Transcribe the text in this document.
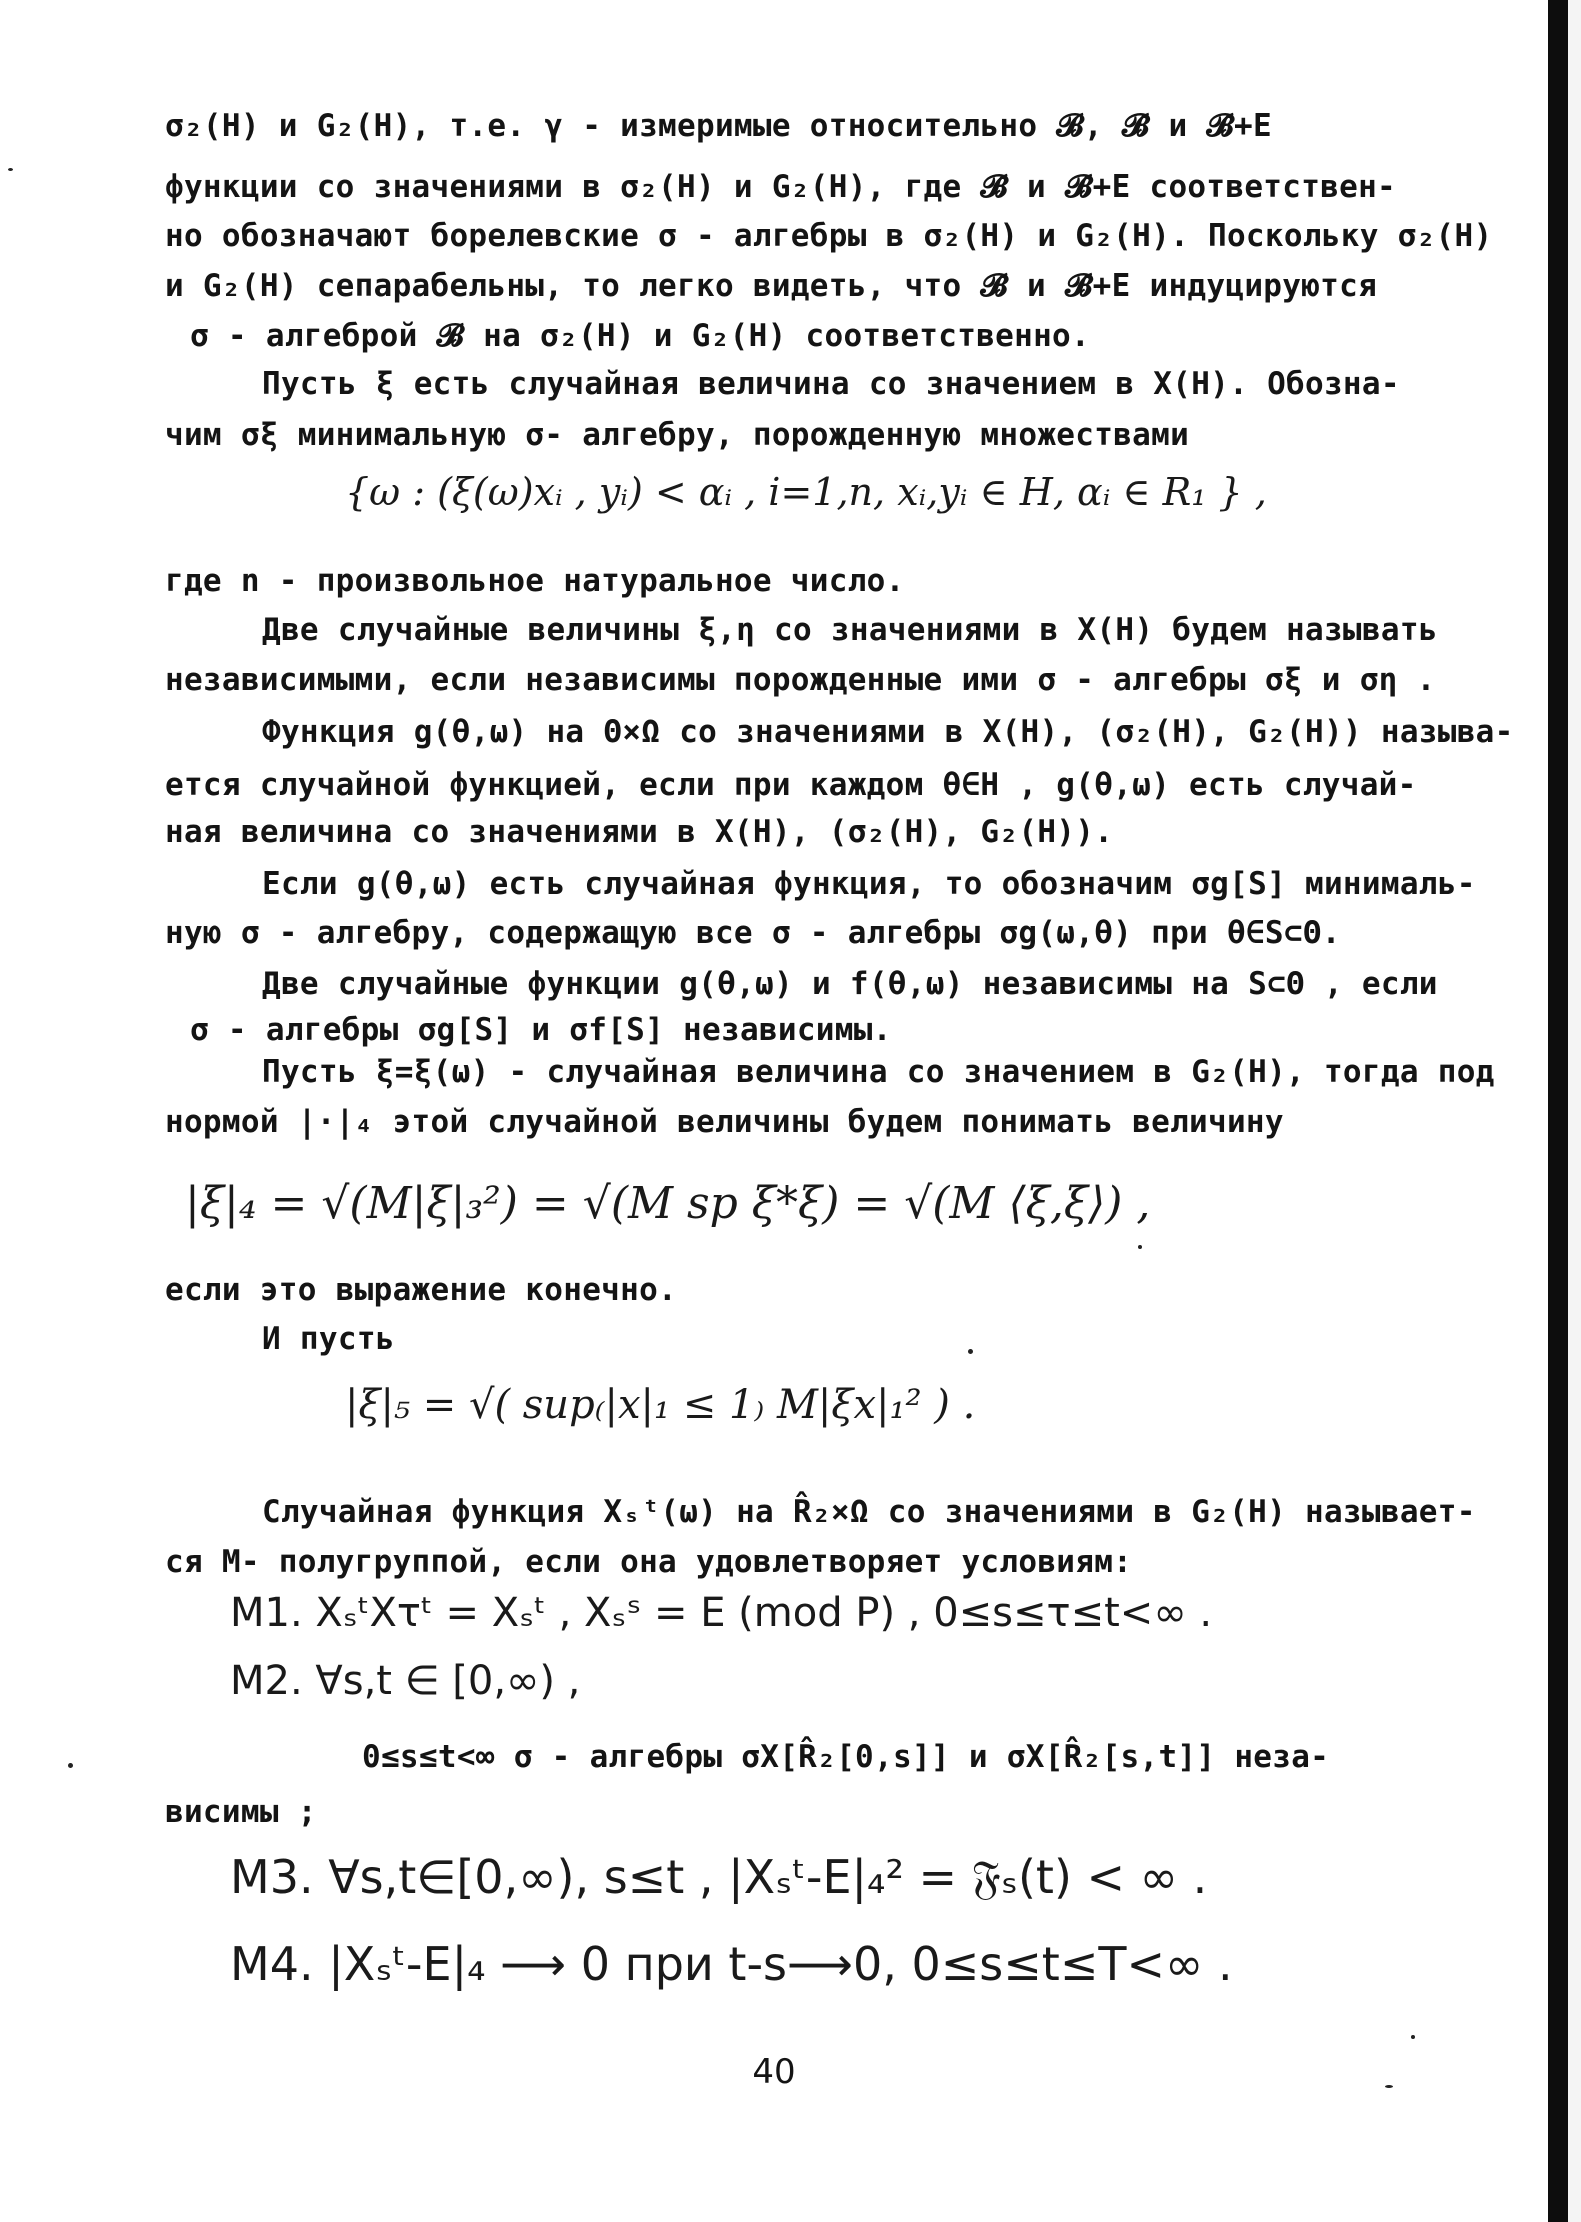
σ₂(H) и G₂(H), т.е. γ - измеримые относительно 𝓑, 𝓑̂ и 𝓑̂+E
функции со значениями в σ₂(H) и G₂(H), где 𝓑̂ и 𝓑̂+E соответствен-
но обозначают борелевские σ - алгебры в σ₂(H) и G₂(H). Поскольку σ₂(H)
и G₂(H) сепарабельны, то легко видеть, что 𝓑̂ и 𝓑̂+E индуцируются
σ - алгеброй 𝓑 на σ₂(H) и G₂(H) соответственно.
Пусть ξ есть случайная величина со значением в X(H). Обозна-
чим σξ минимальную σ- алгебру, порожденную множествами
{ω : (ξ(ω)xᵢ , yᵢ) < αᵢ , i=1,n, xᵢ,yᵢ ∈ H, αᵢ ∈ R₁ } ,
где n - произвольное натуральное число.
Две случайные величины ξ,η со значениями в X(H) будем называть
независимыми, если независимы порожденные ими σ - алгебры σξ и ση .
Функция g(θ,ω) на Θ×Ω со значениями в X(H), (σ₂(H), G₂(H)) называ-
ется случайной функцией, если при каждом θ∈H , g(θ,ω) есть случай-
ная величина со значениями в X(H), (σ₂(H), G₂(H)).
Если g(θ,ω) есть случайная функция, то обозначим σg[S] минималь-
ную σ - алгебру, содержащую все σ - алгебры σg(ω,θ) при θ∈S⊂Θ.
Две случайные функции g(θ,ω) и f(θ,ω) независимы на S⊂Θ , если
σ - алгебры σg[S] и σf[S] независимы.
Пусть ξ=ξ(ω) - случайная величина со значением в G₂(H), тогда под
нормой |·|₄ этой случайной величины будем понимать величину
|ξ|₄ = √(M|ξ|₃²) = √(M sp ξ*ξ) = √(M ⟨ξ,ξ⟩) ,
если это выражение конечно.
И пусть
|ξ|₅ = √( sup₍|x|₁ ≤ 1₎ M|ξx|₁² ) .
Случайная функция Xₛᵗ(ω) на R̂₂×Ω со значениями в G₂(H) называет-
ся M- полугруппой, если она удовлетворяет условиям:
M1. XₛᵗXτᵗ = Xₛᵗ , Xₛˢ = E (mod P) , 0≤s≤τ≤t<∞ .
M2. ∀s,t ∈ [0,∞) ,
0≤s≤t<∞ σ - алгебры σX[R̂₂[0,s]] и σX[R̂₂[s,t]] неза-
висимы ;
M3. ∀s,t∈[0,∞), s≤t , |Xₛᵗ-E|₄² = 𝔉ₛ(t) < ∞ .
M4. |Xₛᵗ-E|₄ ⟶ 0 при t-s⟶0, 0≤s≤t≤T<∞ .
40
